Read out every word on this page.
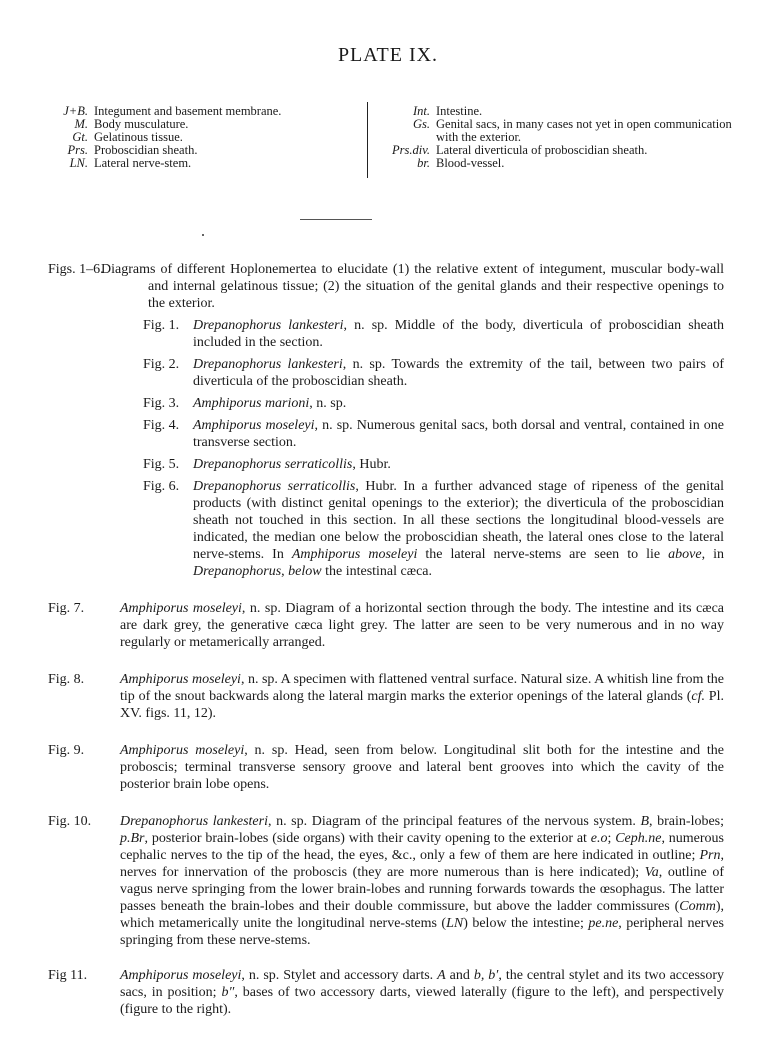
PLATE IX.
J+B. Integument and basement membrane.
M. Body musculature.
Gt. Gelatinous tissue.
Prs. Proboscidian sheath.
LN. Lateral nerve-stem.
Int. Intestine.
Gs. Genital sacs, in many cases not yet in open communication with the exterior.
Prs.div. Lateral diverticula of proboscidian sheath.
br. Blood-vessel.
Figs. 1–6.
Diagrams of different Hoplonemertea to elucidate (1) the relative extent of integument, muscular body-wall and internal gelatinous tissue; (2) the situation of the genital glands and their respective openings to the exterior.
Fig. 1. Drepanophorus lankesteri, n. sp. Middle of the body, diverticula of proboscidian sheath included in the section.
Fig. 2. Drepanophorus lankesteri, n. sp. Towards the extremity of the tail, between two pairs of diverticula of the proboscidian sheath.
Fig. 3. Amphiporus marioni, n. sp.
Fig. 4. Amphiporus moseleyi, n. sp. Numerous genital sacs, both dorsal and ventral, contained in one transverse section.
Fig. 5. Drepanophorus serraticollis, Hubr.
Fig. 6. Drepanophorus serraticollis, Hubr. In a further advanced stage of ripeness of the genital products (with distinct genital openings to the exterior); the diverticula of the proboscidian sheath not touched in this section. In all these sections the longitudinal blood-vessels are indicated, the median one below the proboscidian sheath, the lateral ones close to the lateral nerve-stems. In Amphiporus moseleyi the lateral nerve-stems are seen to lie above, in Drepanophorus, below the intestinal cæca.
Fig. 7.	Amphiporus moseleyi, n. sp. Diagram of a horizontal section through the body. The intestine and its cæca are dark grey, the generative cæca light grey. The latter are seen to be very numerous and in no way regularly or metamerically arranged.
Fig. 8.	Amphiporus moseleyi, n. sp. A specimen with flattened ventral surface. Natural size. A whitish line from the tip of the snout backwards along the lateral margin marks the exterior openings of the lateral glands (cf. Pl. XV. figs. 11, 12).
Fig. 9.	Amphiporus moseleyi, n. sp. Head, seen from below. Longitudinal slit both for the intestine and the proboscis; terminal transverse sensory groove and lateral bent grooves into which the cavity of the posterior brain lobe opens.
Fig. 10. Drepanophorus lankesteri, n. sp. Diagram of the principal features of the nervous system. B, brain-lobes; p.Br, posterior brain-lobes (side organs) with their cavity opening to the exterior at e.o; Ceph.ne, numerous cephalic nerves to the tip of the head, the eyes, &c., only a few of them are here indicated in outline; Prn, nerves for innervation of the proboscis (they are more numerous than is here indicated); Va, outline of vagus nerve springing from the lower brain-lobes and running forwards towards the œsophagus. The latter passes beneath the brain-lobes and their double commissure, but above the ladder commissures (Comm), which metamerically unite the longitudinal nerve-stems (LN) below the intestine; pe.ne, peripheral nerves springing from these nerve-stems.
Fig 11. Amphiporus moseleyi, n. sp. Stylet and accessory darts. A and b, b′, the central stylet and its two accessory sacs, in position; b″, bases of two accessory darts, viewed laterally (figure to the left), and perspectively (figure to the right).
